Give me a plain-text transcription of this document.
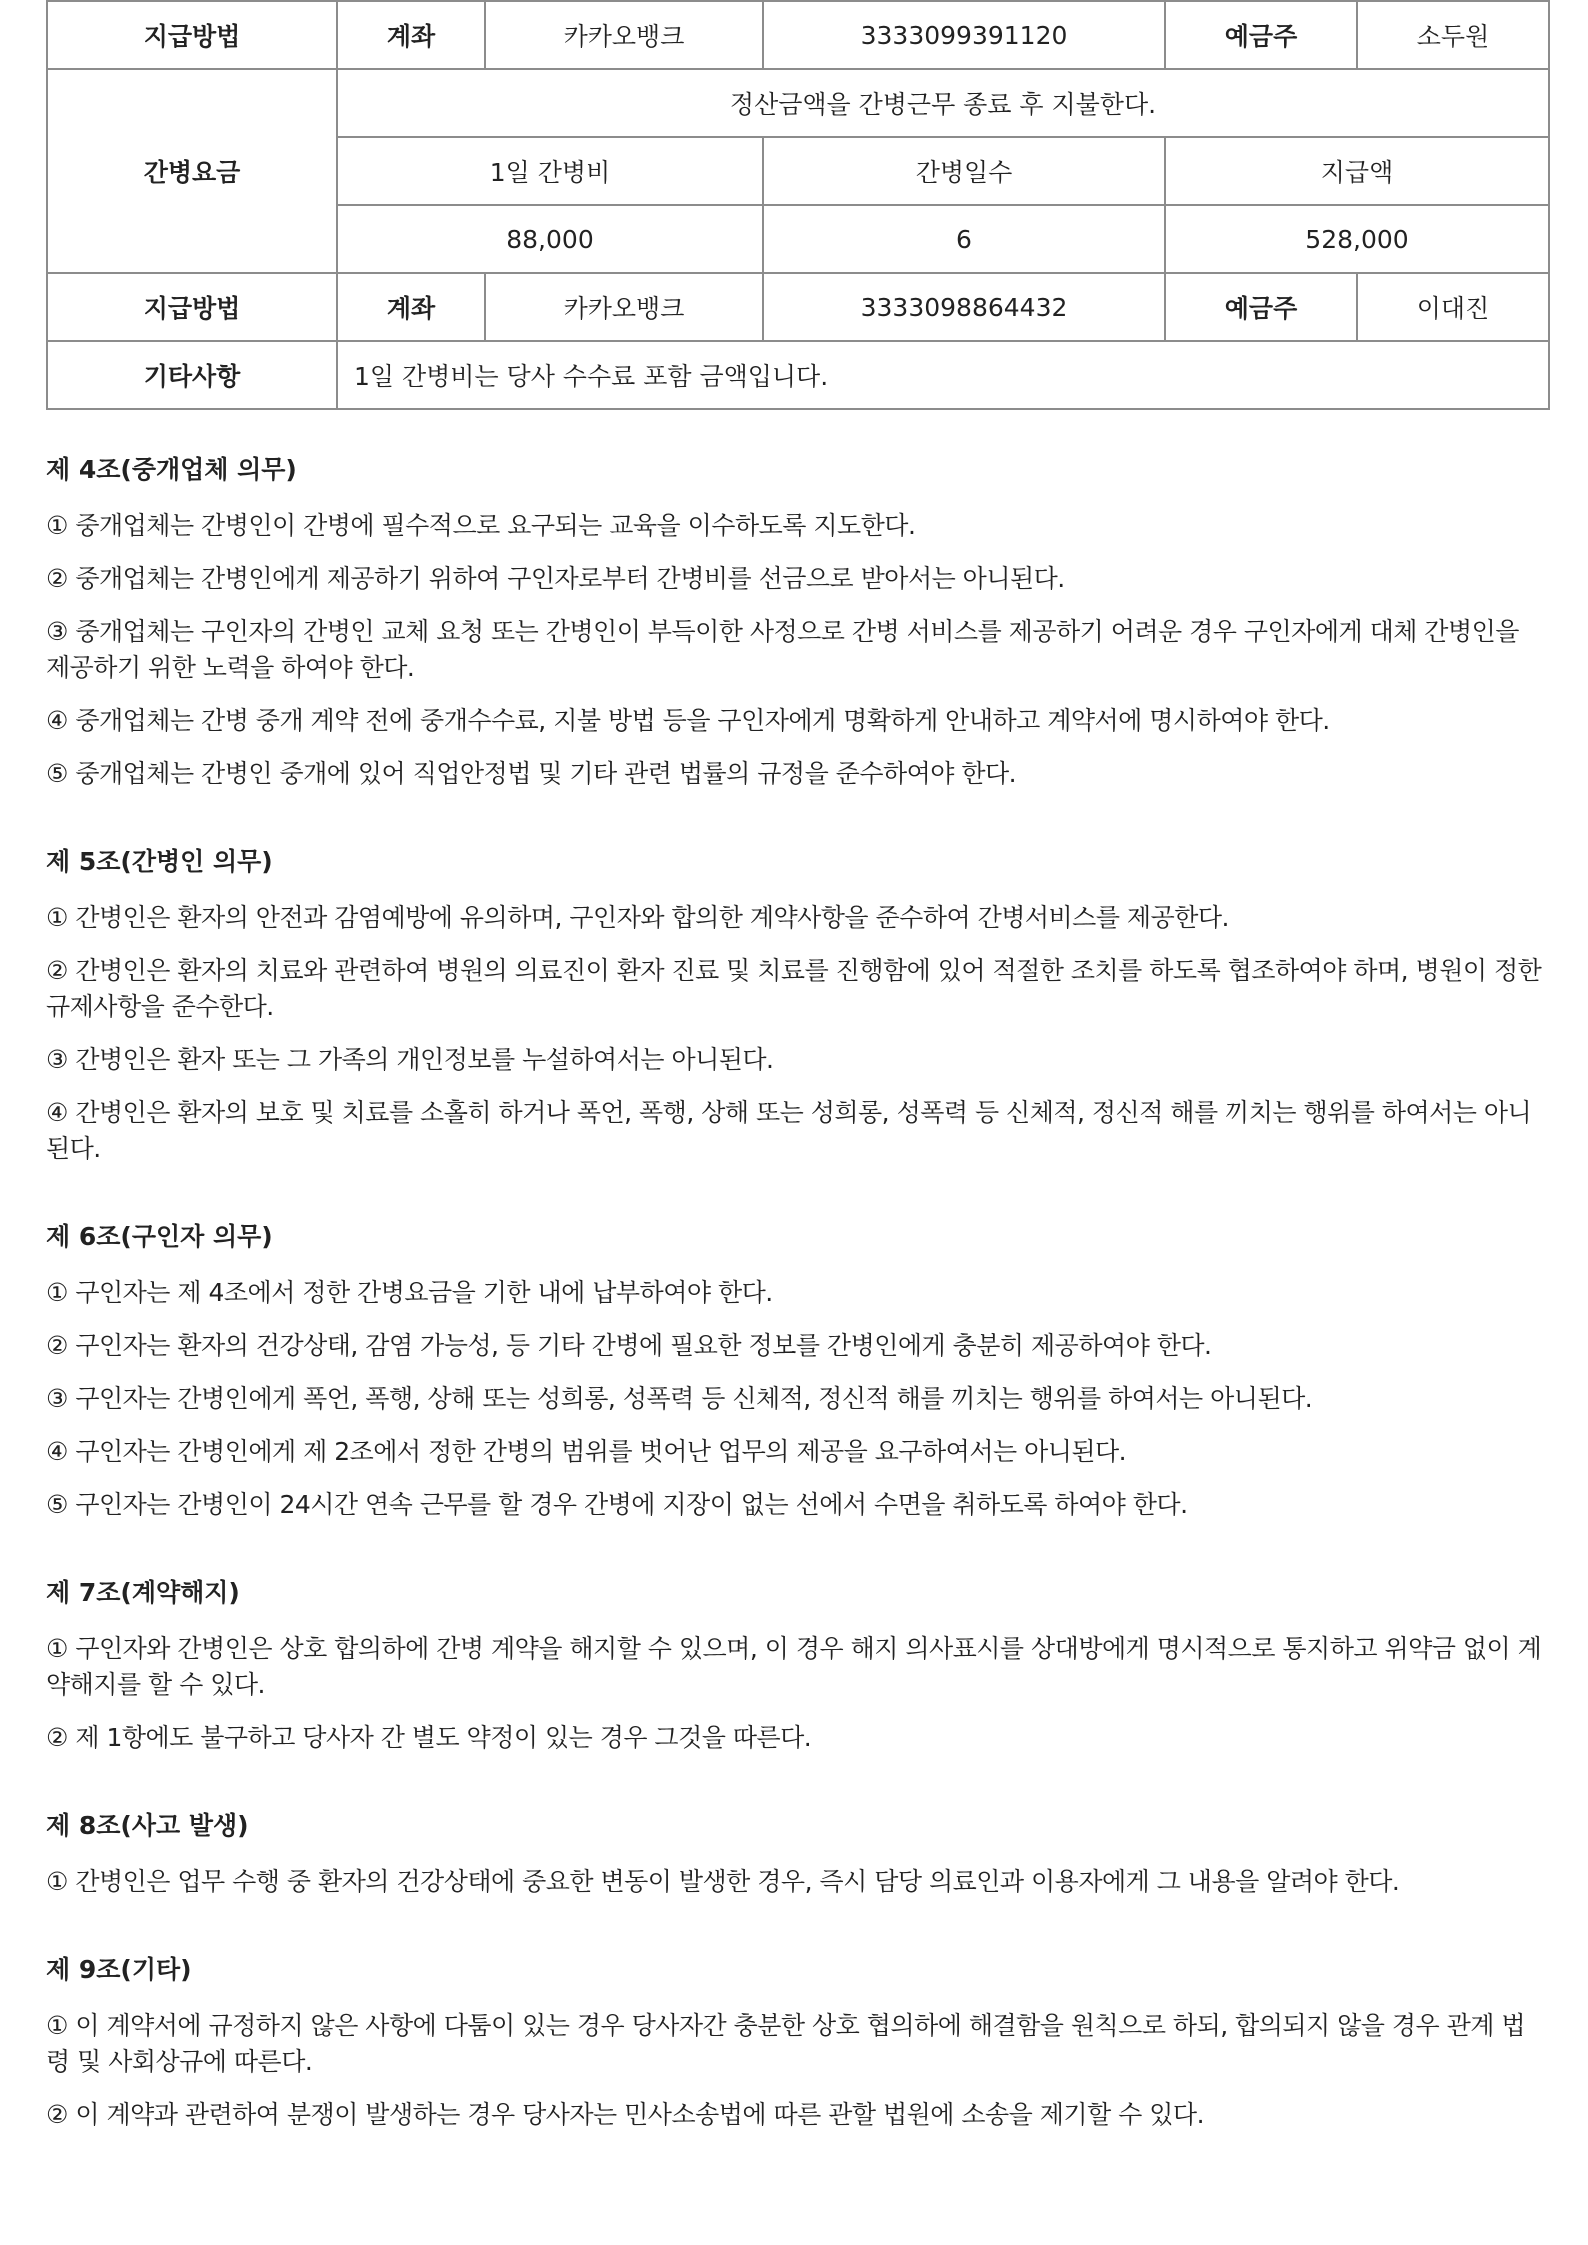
지급방법	계좌	카카오뱅크	3333099391120	예금주	소두원
간병요금	정산금액을 간병근무 종료 후 지불한다.				
	1일 간병비		간병일수	지급액	
	88,000		6	528,000	
지급방법	계좌	카카오뱅크	3333098864432	예금주	이대진
기타사항	1일 간병비는 당사 수수료 포함 금액입니다.				
제 4조(중개업체 의무)

① 중개업체는 간병인이 간병에 필수적으로 요구되는 교육을 이수하도록 지도한다.

② 중개업체는 간병인에게 제공하기 위하여 구인자로부터 간병비를 선금으로 받아서는 아니된다.

③ 중개업체는 구인자의 간병인 교체 요청 또는 간병인이 부득이한 사정으로 간병 서비스를 제공하기 어려운 경우 구인자에게 대체 간병인을 제공하기 위한 노력을 하여야 한다.

④ 중개업체는 간병 중개 계약 전에 중개수수료, 지불 방법 등을 구인자에게 명확하게 안내하고 계약서에 명시하여야 한다.

⑤ 중개업체는 간병인 중개에 있어 직업안정법 및 기타 관련 법률의 규정을 준수하여야 한다.

제 5조(간병인 의무)

① 간병인은 환자의 안전과 감염예방에 유의하며, 구인자와 합의한 계약사항을 준수하여 간병서비스를 제공한다.

② 간병인은 환자의 치료와 관련하여 병원의 의료진이 환자 진료 및 치료를 진행함에 있어 적절한 조치를 하도록 협조하여야 하며, 병원이 정한 규제사항을 준수한다.

③ 간병인은 환자 또는 그 가족의 개인정보를 누설하여서는 아니된다.

④ 간병인은 환자의 보호 및 치료를 소홀히 하거나 폭언, 폭행, 상해 또는 성희롱, 성폭력 등 신체적, 정신적 해를 끼치는 행위를 하여서는 아니된다.

제 6조(구인자 의무)

① 구인자는 제 4조에서 정한 간병요금을 기한 내에 납부하여야 한다.

② 구인자는 환자의 건강상태, 감염 가능성, 등 기타 간병에 필요한 정보를 간병인에게 충분히 제공하여야 한다.

③ 구인자는 간병인에게 폭언, 폭행, 상해 또는 성희롱, 성폭력 등 신체적, 정신적 해를 끼치는 행위를 하여서는 아니된다.

④ 구인자는 간병인에게 제 2조에서 정한 간병의 범위를 벗어난 업무의 제공을 요구하여서는 아니된다.

⑤ 구인자는 간병인이 24시간 연속 근무를 할 경우 간병에 지장이 없는 선에서 수면을 취하도록 하여야 한다.

제 7조(계약해지)

① 구인자와 간병인은 상호 합의하에 간병 계약을 해지할 수 있으며, 이 경우 해지 의사표시를 상대방에게 명시적으로 통지하고 위약금 없이 계약해지를 할 수 있다.

② 제 1항에도 불구하고 당사자 간 별도 약정이 있는 경우 그것을 따른다.

제 8조(사고 발생)

① 간병인은 업무 수행 중 환자의 건강상태에 중요한 변동이 발생한 경우, 즉시 담당 의료인과 이용자에게 그 내용을 알려야 한다.

제 9조(기타)

① 이 계약서에 규정하지 않은 사항에 다툼이 있는 경우 당사자간 충분한 상호 협의하에 해결함을 원칙으로 하되, 합의되지 않을 경우 관계 법령 및 사회상규에 따른다.

② 이 계약과 관련하여 분쟁이 발생하는 경우 당사자는 민사소송법에 따른 관할 법원에 소송을 제기할 수 있다.
